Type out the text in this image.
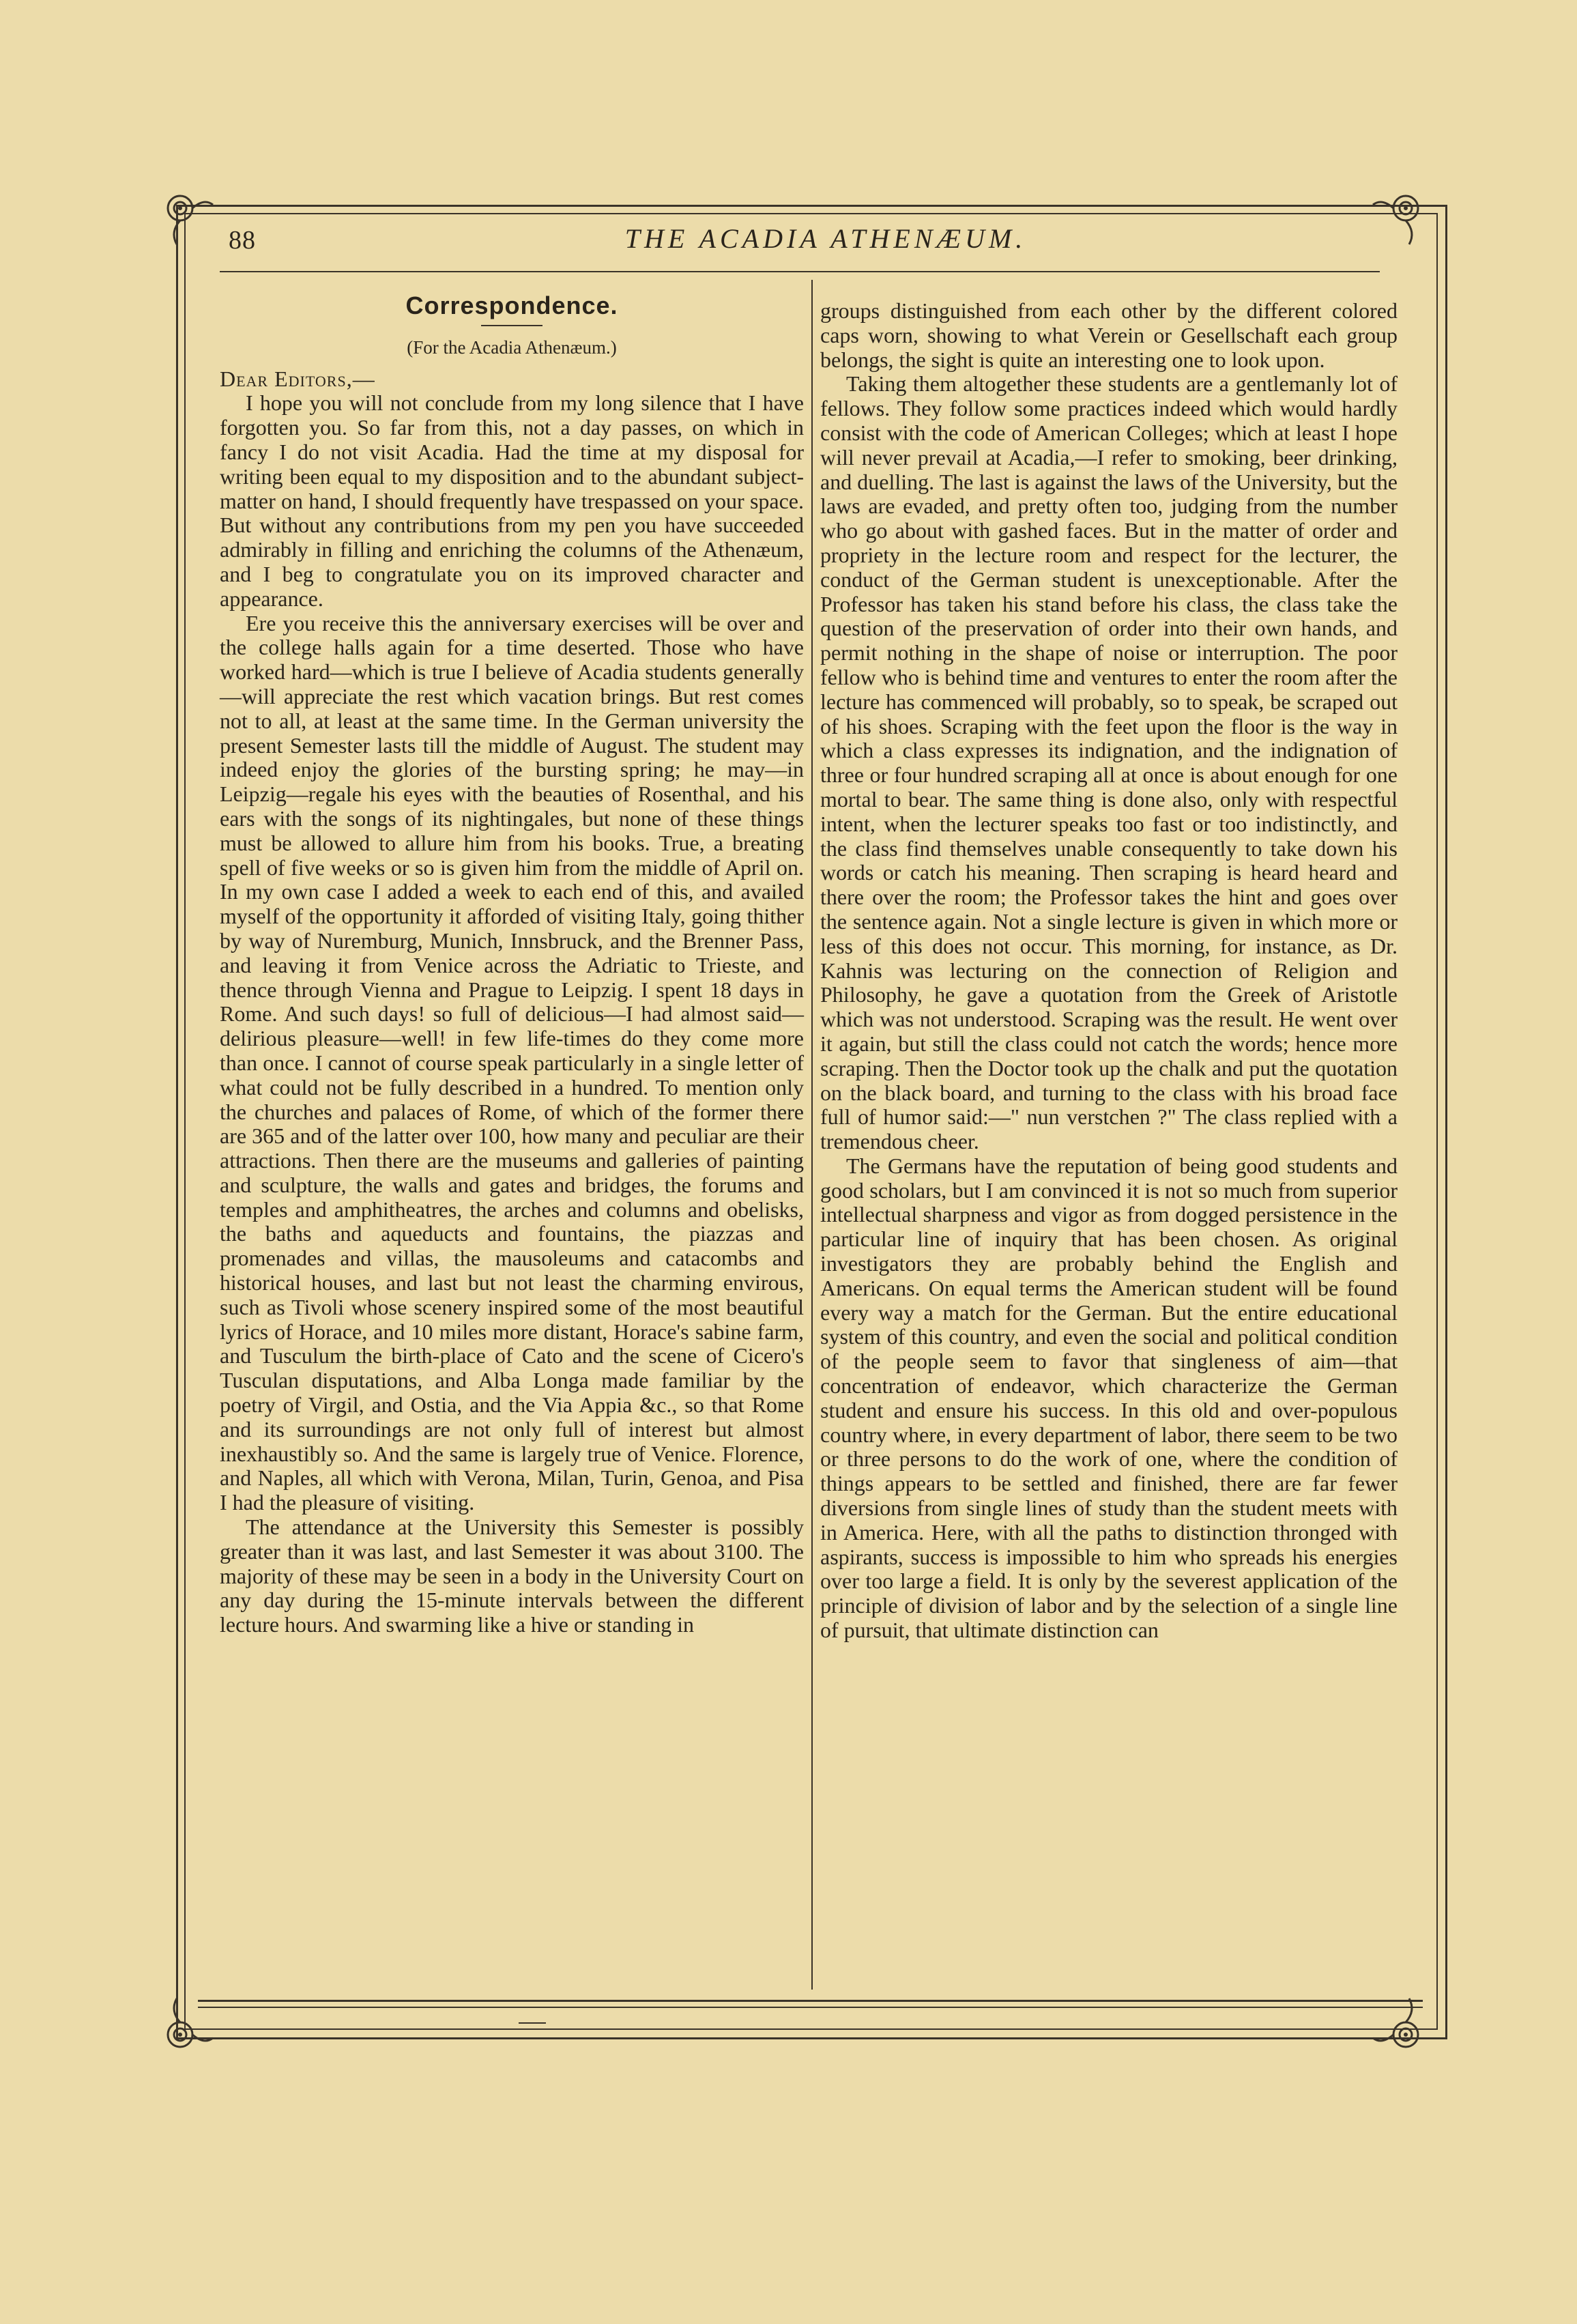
88	THE ACADIA ATHENÆUM.
Correspondence.
(For the Acadia Athenæum.)
Dear Editors,—

I hope you will not conclude from my long silence that I have forgotten you. So far from this, not a day passes, on which in fancy I do not visit Acadia. Had the time at my disposal for writing been equal to my disposition and to the abundant subject-matter on hand, I should frequently have trespassed on your space. But without any contributions from my pen you have succeeded admirably in filling and enriching the columns of the Athenæum, and I beg to congratulate you on its improved character and appearance.

Ere you receive this the anniversary exercises will be over and the college halls again for a time deserted. Those who have worked hard—which is true I believe of Acadia students generally—will appreciate the rest which vacation brings. But rest comes not to all, at least at the same time. In the German university the present Semester lasts till the middle of August. The student may indeed enjoy the glories of the bursting spring; he may—in Leipzig—regale his eyes with the beauties of Rosenthal, and his ears with the songs of its nightingales, but none of these things must be allowed to allure him from his books. True, a breating spell of five weeks or so is given him from the middle of April on. In my own case I added a week to each end of this, and availed myself of the opportunity it afforded of visiting Italy, going thither by way of Nuremburg, Munich, Innsbruck, and the Brenner Pass, and leaving it from Venice across the Adriatic to Trieste, and thence through Vienna and Prague to Leipzig. I spent 18 days in Rome. And such days! so full of delicious—I had almost said—delirious pleasure—well! in few life-times do they come more than once. I cannot of course speak particularly in a single letter of what could not be fully described in a hundred. To mention only the churches and palaces of Rome, of which of the former there are 365 and of the latter over 100, how many and peculiar are their attractions. Then there are the museums and galleries of painting and sculpture, the walls and gates and bridges, the forums and temples and amphitheatres, the arches and columns and obelisks, the baths and aqueducts and fountains, the piazzas and promenades and villas, the mausoleums and catacombs and historical houses, and last but not least the charming envirous, such as Tivoli whose scenery inspired some of the most beautiful lyrics of Horace, and 10 miles more distant, Horace's sabine farm, and Tusculum the birth-place of Cato and the scene of Cicero's Tusculan disputations, and Alba Longa made familiar by the poetry of Virgil, and Ostia, and the Via Appia &c., so that Rome and its surroundings are not only full of interest but almost inexhaustibly so. And the same is largely true of Venice. Florence, and Naples, all which with Verona, Milan, Turin, Genoa, and Pisa I had the pleasure of visiting.

The attendance at the University this Semester is possibly greater than it was last, and last Semester it was about 3100. The majority of these may be seen in a body in the University Court on any day during the 15-minute intervals between the different lecture hours. And swarming like a hive or standing in

groups distinguished from each other by the different colored caps worn, showing to what Verein or Gesellschaft each group belongs, the sight is quite an interesting one to look upon.

Taking them altogether these students are a gentlemanly lot of fellows. They follow some practices indeed which would hardly consist with the code of American Colleges; which at least I hope will never prevail at Acadia,—I refer to smoking, beer drinking, and duelling. The last is against the laws of the University, but the laws are evaded, and pretty often too, judging from the number who go about with gashed faces. But in the matter of order and propriety in the lecture room and respect for the lecturer, the conduct of the German student is unexceptionable. After the Professor has taken his stand before his class, the class take the question of the preservation of order into their own hands, and permit nothing in the shape of noise or interruption. The poor fellow who is behind time and ventures to enter the room after the lecture has commenced will probably, so to speak, be scraped out of his shoes. Scraping with the feet upon the floor is the way in which a class expresses its indignation, and the indignation of three or four hundred scraping all at once is about enough for one mortal to bear. The same thing is done also, only with respectful intent, when the lecturer speaks too fast or too indistinctly, and the class find themselves unable consequently to take down his words or catch his meaning. Then scraping is heard heard and there over the room; the Professor takes the hint and goes over the sentence again. Not a single lecture is given in which more or less of this does not occur. This morning, for instance, as Dr. Kahnis was lecturing on the connection of Religion and Philosophy, he gave a quotation from the Greek of Aristotle which was not understood. Scraping was the result. He went over it again, but still the class could not catch the words; hence more scraping. Then the Doctor took up the chalk and put the quotation on the black board, and turning to the class with his broad face full of humor said:—" nun verstchen ?" The class replied with a tremendous cheer.

The Germans have the reputation of being good students and good scholars, but I am convinced it is not so much from superior intellectual sharpness and vigor as from dogged persistence in the particular line of inquiry that has been chosen. As original investigators they are probably behind the English and Americans. On equal terms the American student will be found every way a match for the German. But the entire educational system of this country, and even the social and political condition of the people seem to favor that singleness of aim—that concentration of endeavor, which characterize the German student and ensure his success. In this old and over-populous country where, in every department of labor, there seem to be two or three persons to do the work of one, where the condition of things appears to be settled and finished, there are far fewer diversions from single lines of study than the student meets with in America. Here, with all the paths to distinction thronged with aspirants, success is impossible to him who spreads his energies over too large a field. It is only by the severest application of the principle of division of labor and by the selection of a single line of pursuit, that ultimate distinction can
